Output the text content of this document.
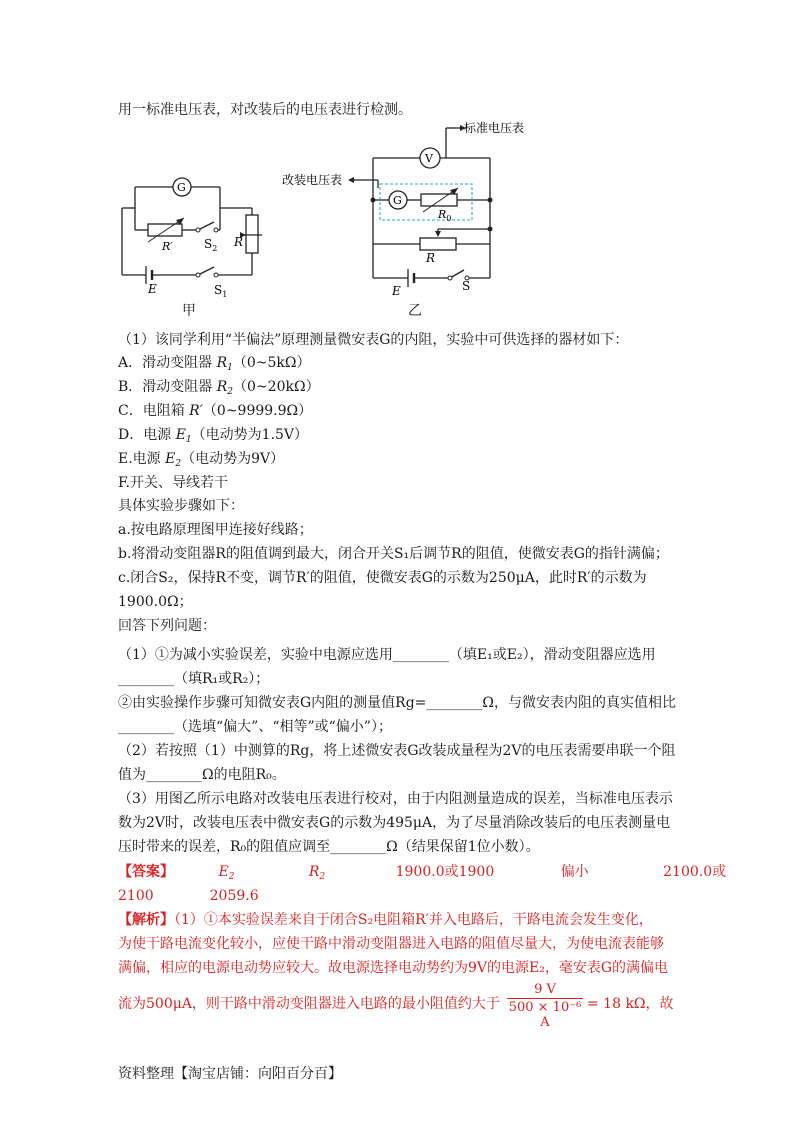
用一标准电压表，对改装后的电压表进行检测。
G
R′	$S_2$ R
E	$S_1$
甲
V
G
标准电压表
改装电压表
$R_0$
R
E	S
乙
（1）该同学利用“半偏法”原理测量微安表G的内阻，实验中可供选择的器材如下：
A．滑动变阻器 $R_1(0\sim 5k\Omega)$
B．滑动变阻器 $R_2(0\sim 20k\Omega)$
C．电阻箱 R′（0~9999.9Ω）
D．电源 $E_1$（电动势为1.5V）
E.电源 $E_2$（电动势为9V）
F.开关、导线若干
具体实验步骤如下：
a.按电路原理图甲连接好线路；
b.将滑动变阻器R的阻值调到最大，闭合开关S₁后调节R的阻值，使微安表G的指针满偏；
c.闭合S₂，保持R不变，调节R′的阻值，使微安表G的示数为250μA，此时R′的示数为
1900.0Ω；
回答下列问题：
（1）①为减小实验误差，实验中电源应选用________（填E₁或E₂），滑动变阻器应选用
________（填R₁或R₂）；
②由实验操作步骤可知微安表G内阻的测量值Rg=________Ω，与微安表内阻的真实值相比
________（选填“偏大”、“相等”或“偏小”）；
（2）若按照（1）中测算的Rg，将上述微安表G改装成量程为2V的电压表需要串联一个阻
值为________Ω的电阻R₀。
（3）用图乙所示电路对改装电压表进行校对，由于内阻测量造成的误差，当标准电压表示
数为2V时，改装电压表中微安表G的示数为495μA，为了尽量消除改装后的电压表测量电
压时带来的误差，R₀的阻值应调至________Ω（结果保留1位小数）。
【答案】	$E_2$	$R_2$	1900.0或1900	偏小	2100.0或
2100	2059.6
【解析】（1）①本实验误差来自于闭合S₂电阻箱R′并入电路后，干路电流会发生变化，
为使干路电流变化较小，应使干路中滑动变阻器进入电路的阻值尽量大，为使电流表能够
满偏，相应的电源电动势应较大。故电源选择电动势约为9V的电源E₂，毫安表G的满偏电
流为500μA，则干路中滑动变阻器进入电路的最小阻值约大于 $\frac{9 V}{\text{500 × 10⁻⁶ A}} = 18$ kΩ，故
资料整理【淘宝店铺：向阳百分百】
